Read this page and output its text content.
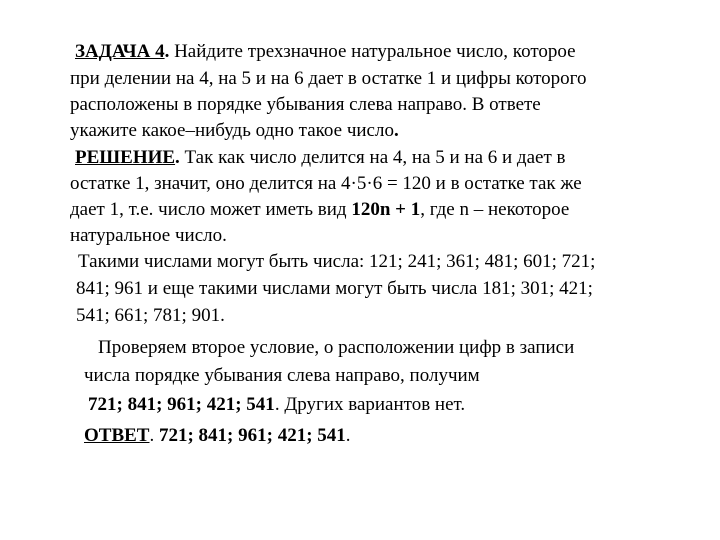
ЗАДАЧА 4. Найдите трехзначное натуральное число, которое
при делении на 4, на 5 и на 6 дает в остатке 1 и цифры которого
расположены в порядке убывания слева направо. В ответе
укажите какое–нибудь одно такое число.
РЕШЕНИЕ. Так как число делится на 4, на 5 и на 6 и дает в
остатке 1, значит, оно делится на 4·5·6 = 120 и в остатке так же
дает 1, т.е. число может иметь вид 120n + 1, где n – некоторое
натуральное число.
Такими числами могут быть числа: 121; 241; 361; 481; 601; 721;
841; 961 и еще такими числами могут быть числа 181; 301; 421;
541; 661; 781; 901.
Проверяем второе условие, о расположении цифр в записи
числа порядке убывания слева направо, получим
721; 841; 961; 421; 541. Других вариантов нет.
ОТВЕТ. 721; 841; 961; 421; 541.
